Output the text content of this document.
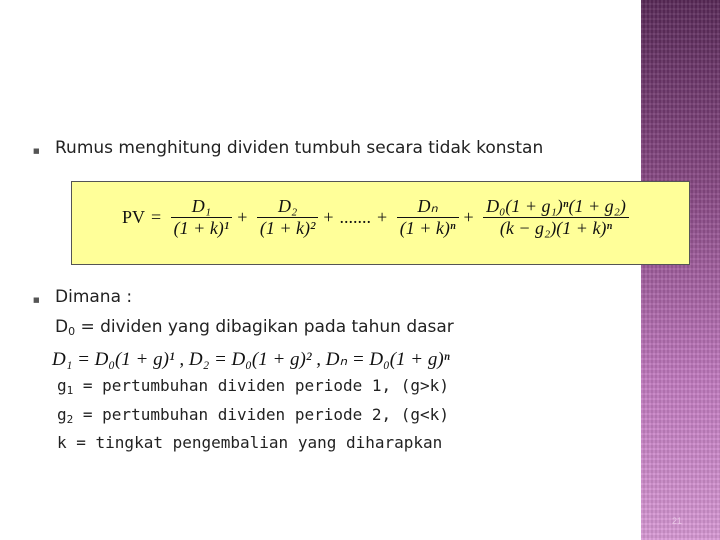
21
■ Rumus menghitung dividen tumbuh secara tidak konstan
PV = $\frac{\text{D₁}}{\text{(1 + k)¹}} + \frac{\text{D₂}}{\text{(1 + k)²}}$ + ....... + $\frac{\text{Dₙ}}{\text{(1 + k)ⁿ}} + \frac{\text{D₀(1 + g₁)ⁿ(1 + g₂)}}{\text{(k − g₂)(1 + k)ⁿ}}$
■ Dimana :
$D_0$ = dividen yang dibagikan pada tahun dasar
D₁ = D₀(1 + g)¹ , D₂ = D₀(1 + g)² , Dₙ = D₀(1 + g)ⁿ
$g_1$ = pertumbuhan dividen periode 1, (g>k)
$g_2$ = pertumbuhan dividen periode 2, (g<k)
k = tingkat pengembalian yang diharapkan
